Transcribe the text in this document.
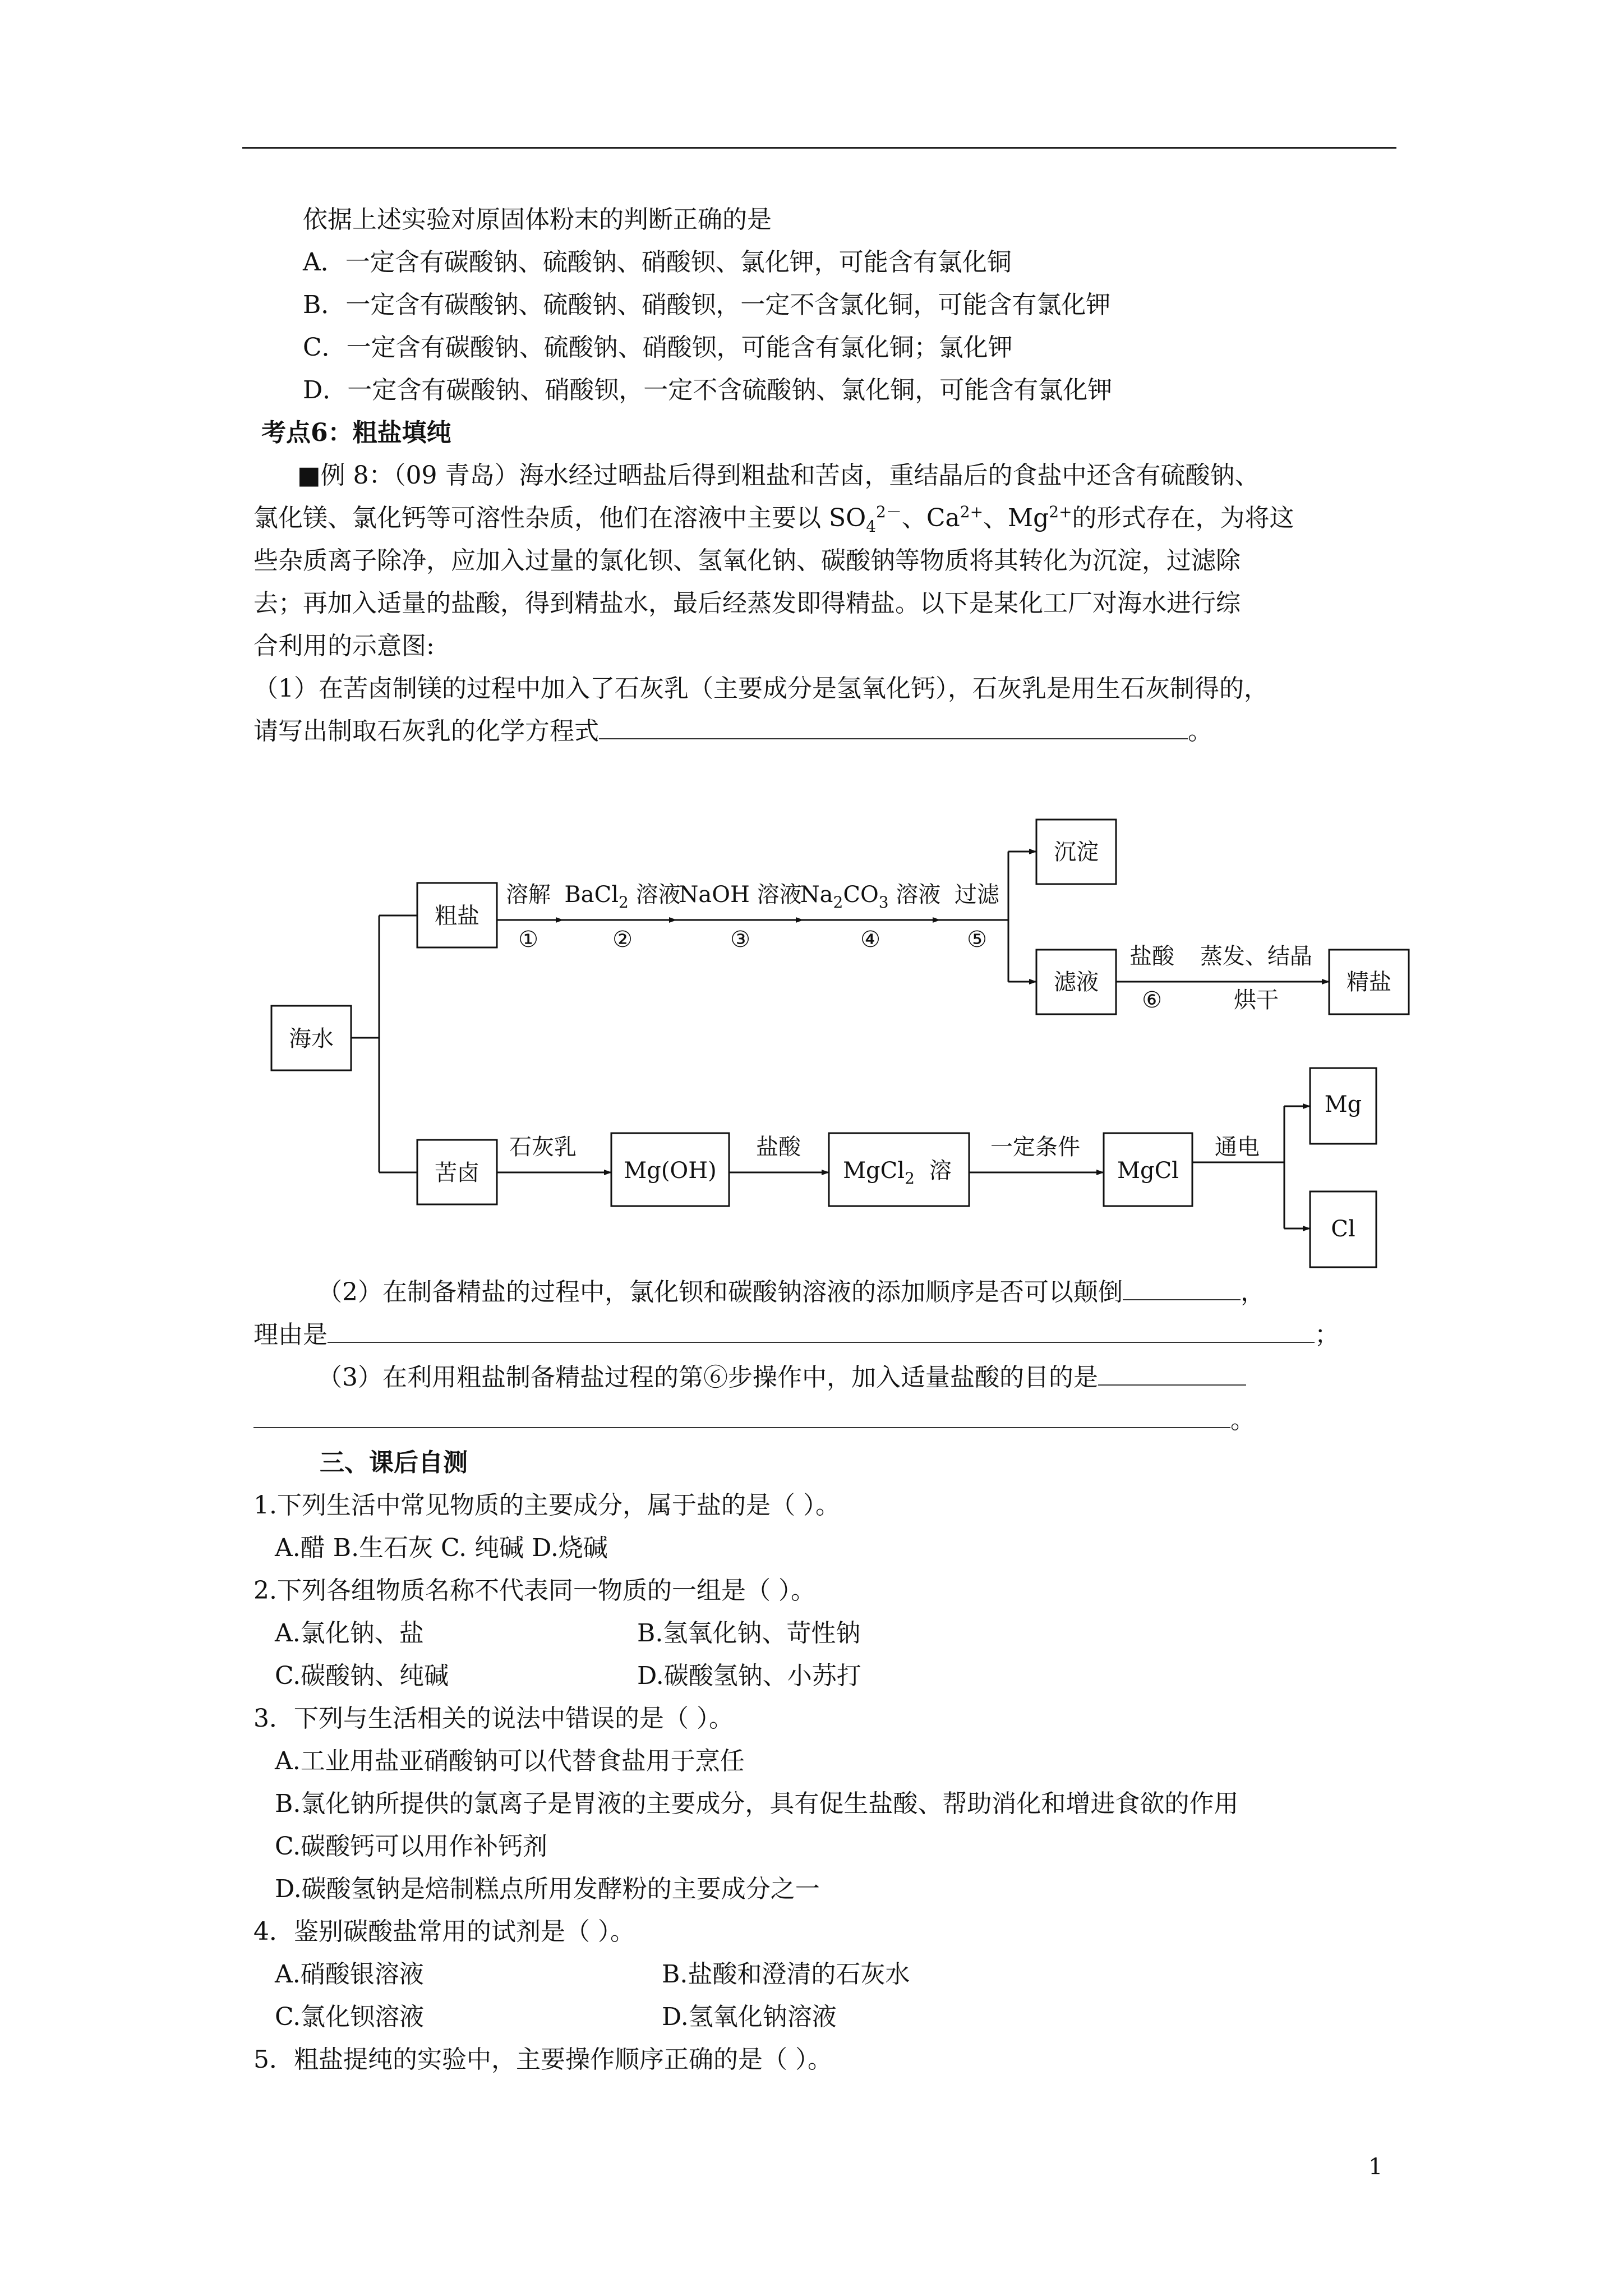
依据上述实验对原固体粉末的判断正确的是
A．一定含有碳酸钠、硫酸钠、硝酸钡、氯化钾，可能含有氯化铜
B．一定含有碳酸钠、硫酸钠、硝酸钡，一定不含氯化铜，可能含有氯化钾
C．一定含有碳酸钠、硫酸钠、硝酸钡，可能含有氯化铜；氯化钾
D．一定含有碳酸钠、硝酸钡，一定不含硫酸钠、氯化铜，可能含有氯化钾
考点6：粗盐填纯
■例 8：（09 青岛）海水经过晒盐后得到粗盐和苦卤，重结晶后的食盐中还含有硫酸钠、
氯化镁、氯化钙等可溶性杂质，他们在溶液中主要以 $SO_4^{2-}$、$Ca^{2+}$、$Mg^{2+}$的形式存在，为将这
些杂质离子除净，应加入过量的氯化钡、氢氧化钠、碳酸钠等物质将其转化为沉淀，过滤除
去；再加入适量的盐酸，得到精盐水，最后经蒸发即得精盐。以下是某化工厂对海水进行综
合利用的示意图:
（1）在苦卤制镁的过程中加入了石灰乳（主要成分是氢氧化钙），石灰乳是用生石灰制得的，
请写出制取石灰乳的化学方程式	。
海水
粗盐
苦卤
沉淀
滤液	精盐
Mg(OH)	MgCl$_2$ 溶	MgCl
Mg
Cl
溶解 BaCl$_2$ 溶液
NaOH 溶液
$Na_2CO_3$ 溶液 过滤
①	②	③	④	⑤
盐酸
⑥
蒸发、结晶
烘干
石灰乳	盐酸	一定条件	通电
（2）在制备精盐的过程中，氯化钡和碳酸钠溶液的添加顺序是否可以颠倒	，
理由是	；
（3）在利用粗盐制备精盐过程的第⑥步操作中，加入适量盐酸的目的是
。
三、课后自测
1.下列生活中常见物质的主要成分，属于盐的是（ ）。
A.醋 B.生石灰 C. 纯碱 D.烧碱
2.下列各组物质名称不代表同一物质的一组是（ ）。
A.氯化钠、盐	B.氢氧化钠、苛性钠
C.碳酸钠、纯碱	D.碳酸氢钠、小苏打
3．下列与生活相关的说法中错误的是（ ）。
A.工业用盐亚硝酸钠可以代替食盐用于烹任
B.氯化钠所提供的氯离子是胃液的主要成分，具有促生盐酸、帮助消化和增进食欲的作用
C.碳酸钙可以用作补钙剂
D.碳酸氢钠是焙制糕点所用发酵粉的主要成分之一
4．鉴别碳酸盐常用的试剂是（ ）。
A.硝酸银溶液	B.盐酸和澄清的石灰水
C.氯化钡溶液	D.氢氧化钠溶液
5．粗盐提纯的实验中，主要操作顺序正确的是（ ）。
1
